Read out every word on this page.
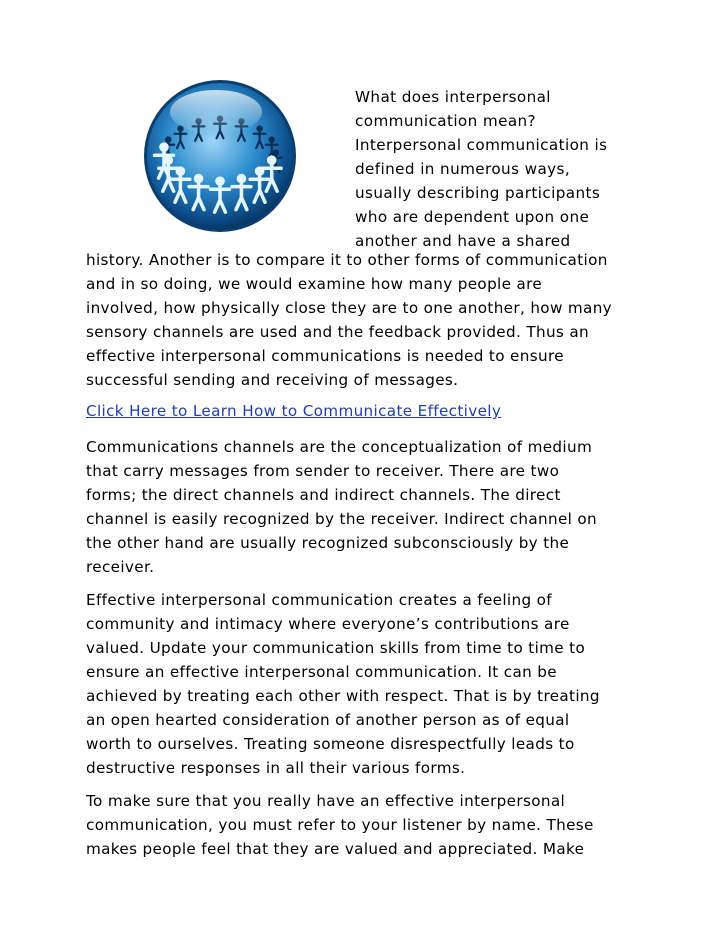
What does interpersonal
communication mean?
Interpersonal communication is
defined in numerous ways,
usually describing participants
who are dependent upon one
another and have a shared
history. Another is to compare it to other forms of communication
and in so doing, we would examine how many people are
involved, how physically close they are to one another, how many
sensory channels are used and the feedback provided. Thus an
effective interpersonal communications is needed to ensure
successful sending and receiving of messages.
Click Here to Learn How to Communicate Effectively
Communications channels are the conceptualization of medium
that carry messages from sender to receiver. There are two
forms; the direct channels and indirect channels. The direct
channel is easily recognized by the receiver. Indirect channel on
the other hand are usually recognized subconsciously by the
receiver.
Effective interpersonal communication creates a feeling of
community and intimacy where everyone’s contributions are
valued. Update your communication skills from time to time to
ensure an effective interpersonal communication. It can be
achieved by treating each other with respect. That is by treating
an open hearted consideration of another person as of equal
worth to ourselves. Treating someone disrespectfully leads to
destructive responses in all their various forms.
To make sure that you really have an effective interpersonal
communication, you must refer to your listener by name. These
makes people feel that they are valued and appreciated. Make
